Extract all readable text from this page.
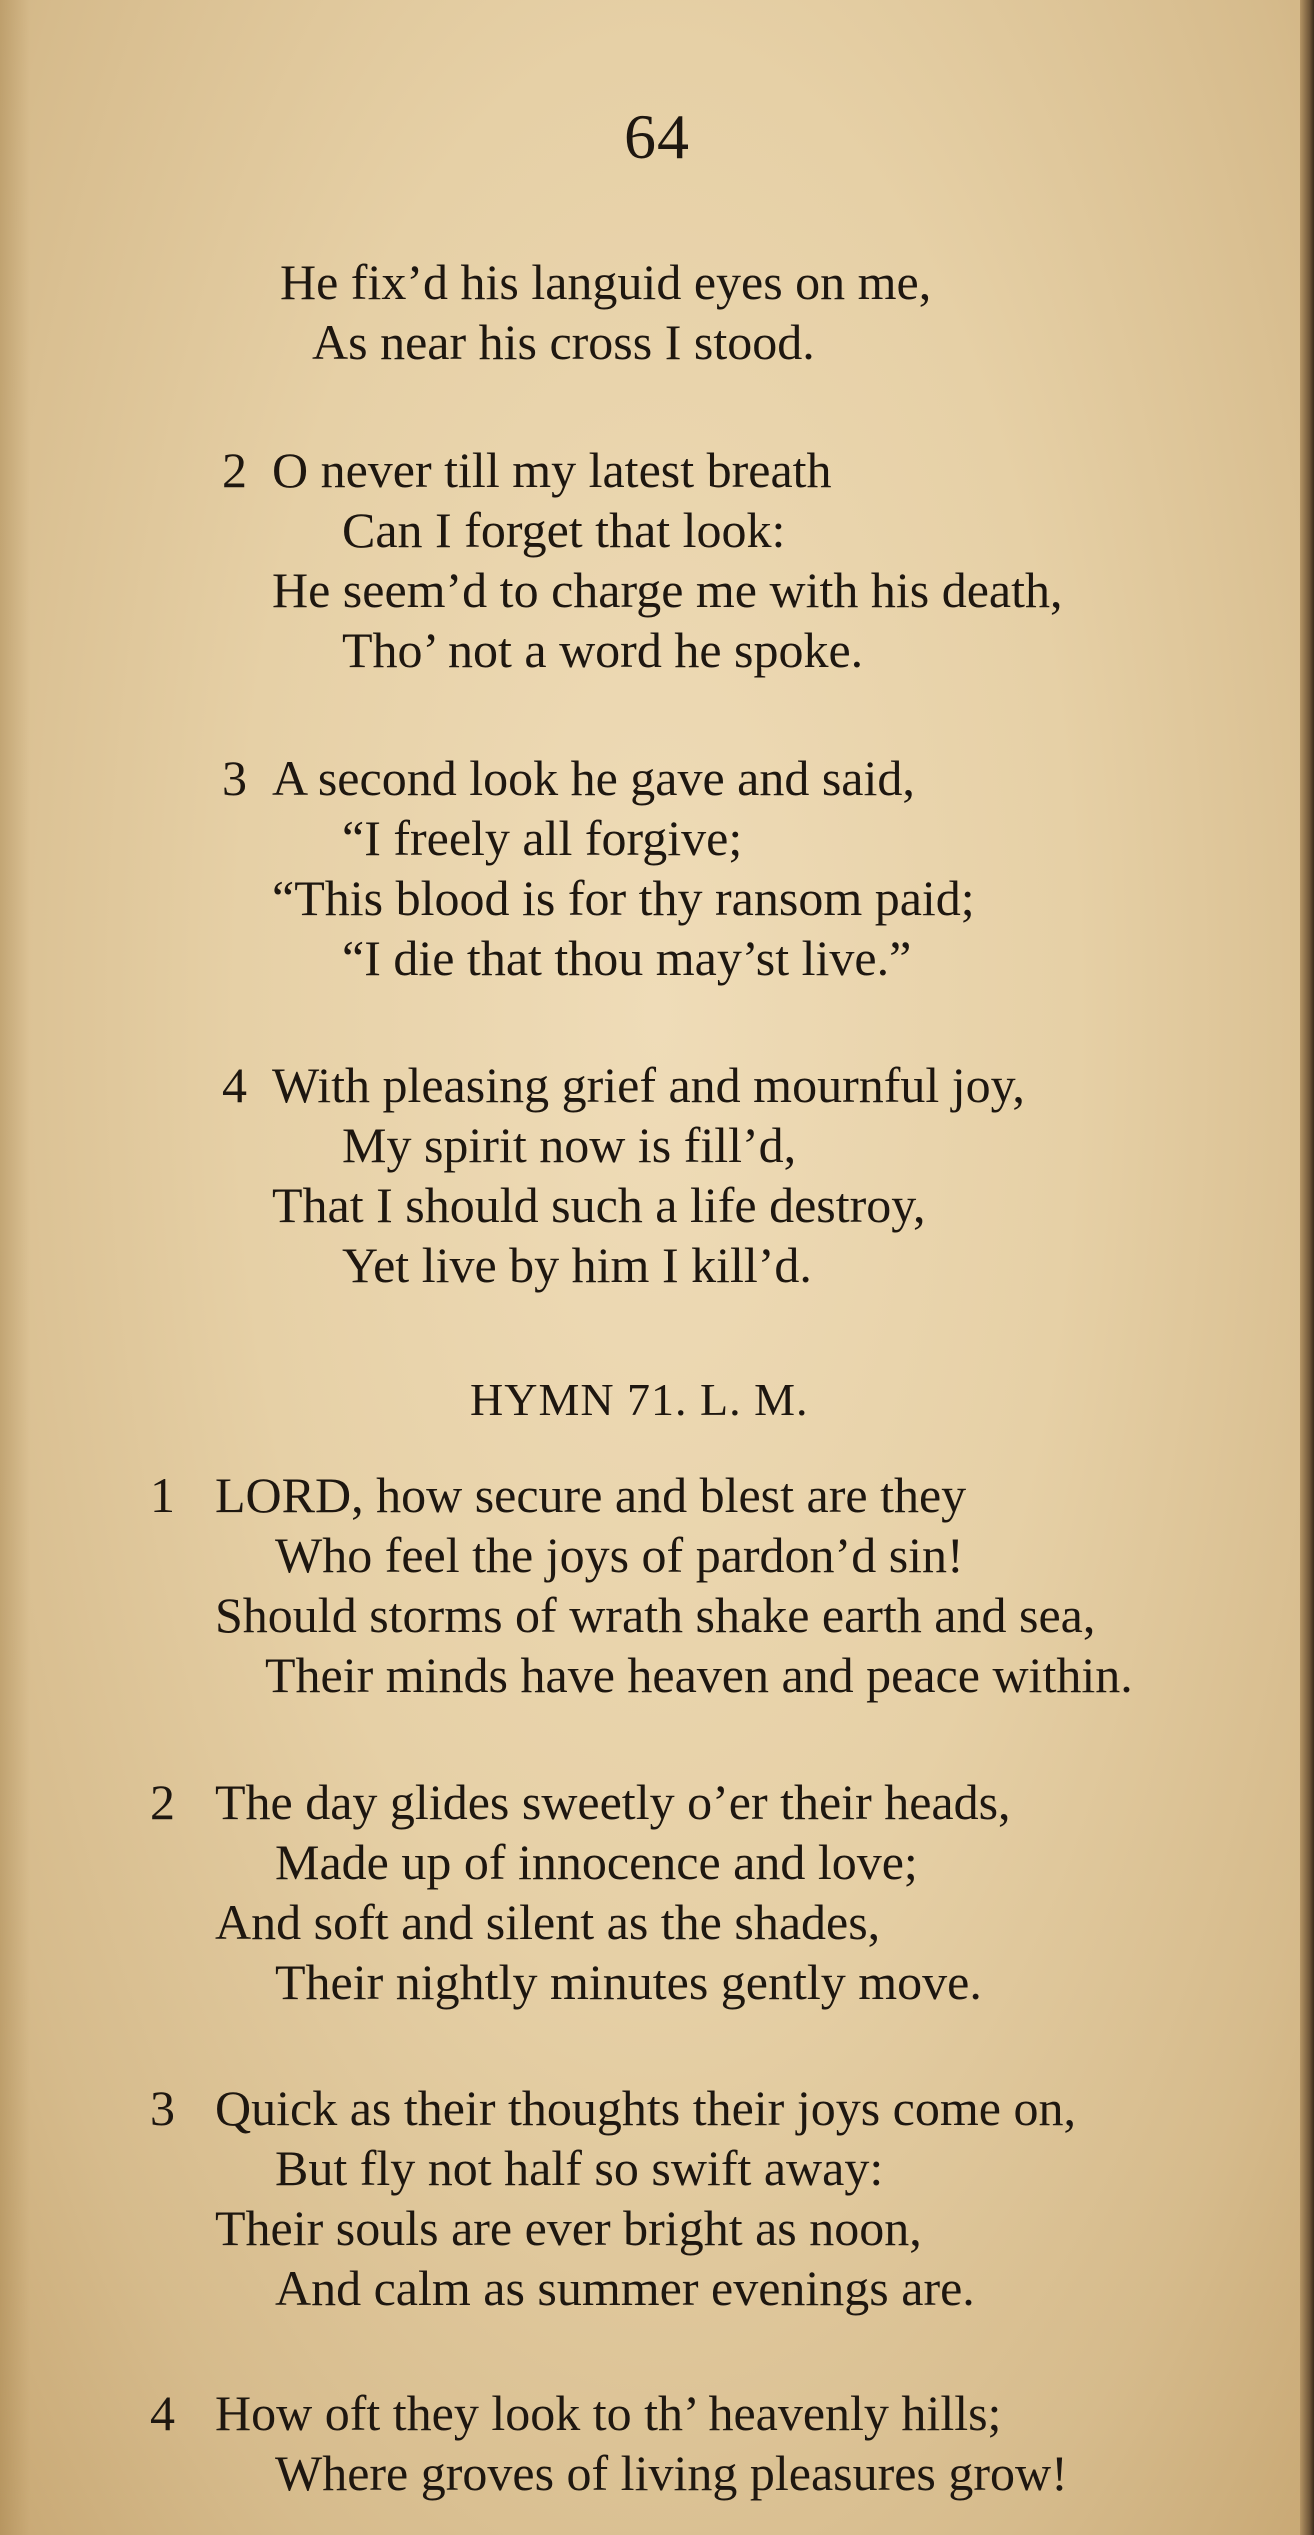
64
He fix’d his languid eyes on me,
As near his cross I stood.
2 O never till my latest breath
Can I forget that look:
He seem’d to charge me with his death,
Tho’ not a word he spoke.
3 A second look he gave and said,
“I freely all forgive;
“This blood is for thy ransom paid;
“I die that thou may’st live.”
4 With pleasing grief and mournful joy,
My spirit now is fill’d,
That I should such a life destroy,
Yet live by him I kill’d.
HYMN 71. L. M.
1 LORD, how secure and blest are they
Who feel the joys of pardon’d sin!
Should storms of wrath shake earth and sea,
Their minds have heaven and peace within.
2 The day glides sweetly o’er their heads,
Made up of innocence and love;
And soft and silent as the shades,
Their nightly minutes gently move.
3 Quick as their thoughts their joys come on,
But fly not half so swift away:
Their souls are ever bright as noon,
And calm as summer evenings are.
4 How oft they look to th’ heavenly hills;
Where groves of living pleasures grow!
